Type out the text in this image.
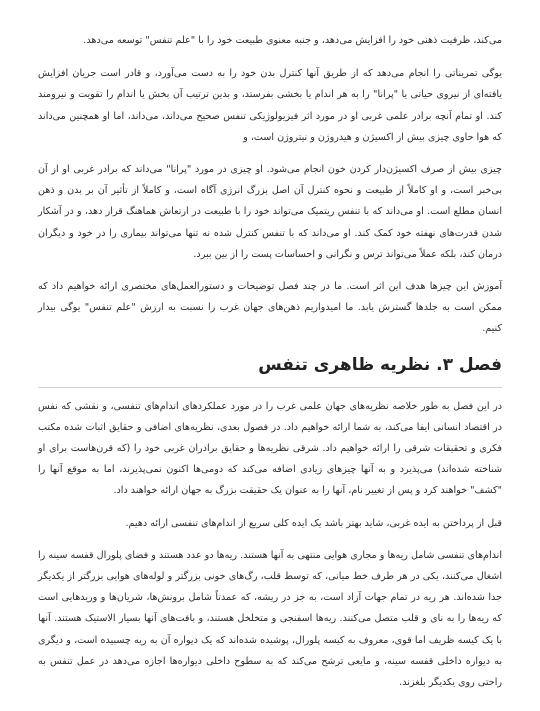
می‌کند، ظرفیت ذهنی خود را افزایش می‌دهد، و جنبه معنوی طبیعت خود را با "علم تنفس" توسعه می‌دهد.

یوگی تمریناتی را انجام می‌دهد که از طریق آنها کنترل بدن خود را به دست می‌آورد، و قادر است جریان افزایش یافته‌ای از نیروی حیاتی یا "پرانا" را به هر اندام یا بخشی بفرستد، و بدین ترتیب آن بخش یا اندام را تقویت و نیرومند کند. او تمام آنچه برادر علمی غربی او در مورد اثر فیزیولوژیکی تنفس صحیح می‌داند، می‌داند، اما او همچنین می‌داند که هوا حاوی چیزی بیش از اکسیژن و هیدروژن و نیتروژن است، و

چیزی بیش از صرف اکسیژن‌دار کردن خون انجام می‌شود. او چیزی در مورد "پرانا" می‌داند که برادر غربی او از آن بی‌خبر است، و او کاملاً از طبیعت و نحوه کنترل آن اصل بزرگ انرژی آگاه است، و کاملاً از تأثیر آن بر بدن و ذهن انسان مطلع است. او می‌داند که با تنفس ریتمیک می‌تواند خود را با طبیعت در ارتعاش هماهنگ قرار دهد، و در آشکار شدن قدرت‌های نهفته خود کمک کند. او می‌داند که با تنفس کنترل شده نه تنها می‌تواند بیماری را در خود و دیگران درمان کند، بلکه عملاً می‌تواند ترس و نگرانی و احساسات پست را از بین ببرد.

آموزش این چیزها هدف این اثر است. ما در چند فصل توضیحات و دستورالعمل‌های مختصری ارائه خواهیم داد که ممکن است به جلدها گسترش یابد. ما امیدواریم ذهن‌های جهان غرب را نسبت به ارزش "علم تنفس" یوگی بیدار کنیم.

فصل ۳. نظریه ظاهری تنفس

در این فصل به طور خلاصه نظریه‌های جهان علمی غرب را در مورد عملکردهای اندام‌های تنفسی، و نقشی که نفس در اقتصاد انسانی ایفا می‌کند، به شما ارائه خواهیم داد. در فصول بعدی، نظریه‌های اضافی و حقایق اثبات شده مکتب فکری و تحقیقات شرقی را ارائه خواهیم داد. شرقی نظریه‌ها و حقایق برادران غربی خود را (که قرن‌هاست برای او شناخته شده‌اند) می‌پذیرد و به آنها چیزهای زیادی اضافه می‌کند که دومی‌ها اکنون نمی‌پذیرند، اما به موقع آنها را "کشف" خواهند کرد و پس از تغییر نام، آنها را به عنوان یک حقیقت بزرگ به جهان ارائه خواهند داد.

قبل از پرداختن به ایده غربی، شاید بهتر باشد یک ایده کلی سریع از اندام‌های تنفسی ارائه دهیم.

اندام‌های تنفسی شامل ریه‌ها و مجاری هوایی منتهی به آنها هستند. ریه‌ها دو عدد هستند و فضای پلورال قفسه سینه را اشغال می‌کنند، یکی در هر طرف خط میانی، که توسط قلب، رگ‌های خونی بزرگتر و لوله‌های هوایی بزرگتر از یکدیگر جدا شده‌اند. هر ریه در تمام جهات آزاد است، به جز در ریشه، که عمدتاً شامل برونش‌ها، شریان‌ها و وریدهایی است که ریه‌ها را به نای و قلب متصل می‌کنند. ریه‌ها اسفنجی و متخلخل هستند، و بافت‌های آنها بسیار الاستیک هستند. آنها با یک کیسه ظریف اما قوی، معروف به کیسه پلورال، پوشیده شده‌اند که یک دیواره آن به ریه چسبیده است، و دیگری به دیواره داخلی قفسه سینه، و مایعی ترشح می‌کند که به سطوح داخلی دیواره‌ها اجازه می‌دهد در عمل تنفس به راحتی روی یکدیگر بلغزند.
